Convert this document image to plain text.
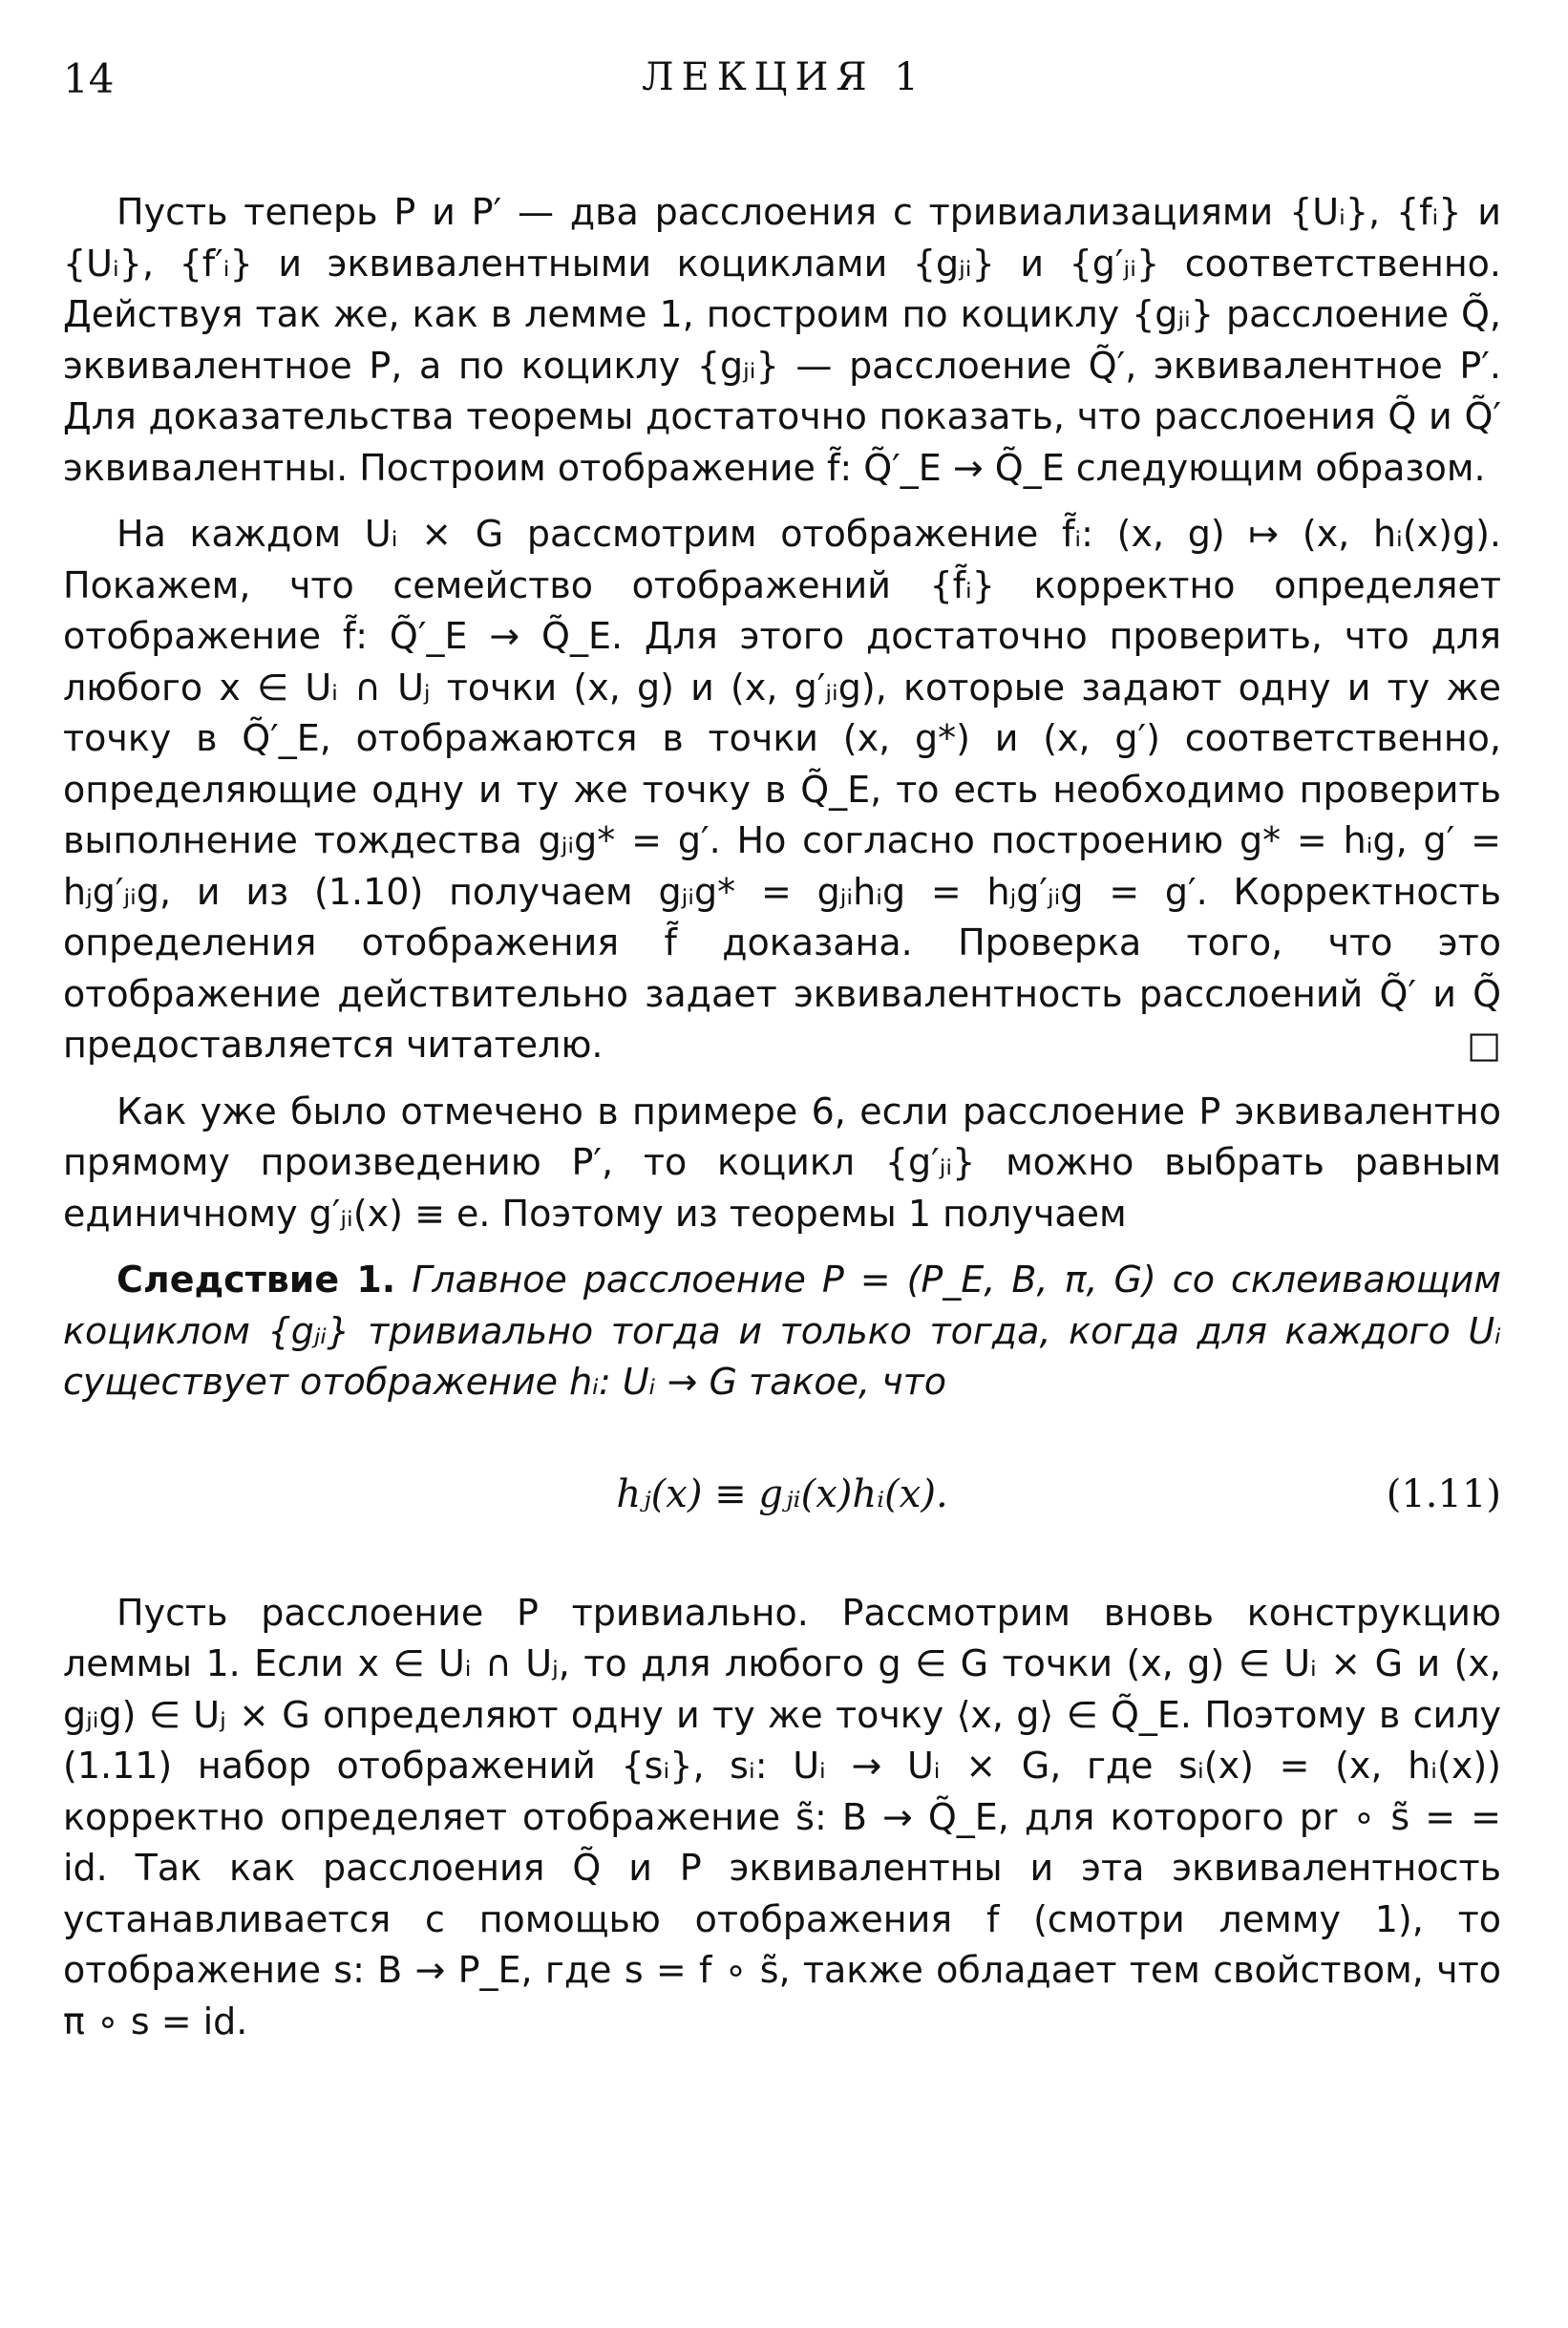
14	ЛЕКЦИЯ 1

Пусть теперь P и P′ — два расслоения с тривиализациями {Uᵢ}, {fᵢ} и {Uᵢ}, {f′ᵢ} и эквивалентными коциклами {gⱼᵢ} и {g′ⱼᵢ} соответственно. Действуя так же, как в лемме 1, построим по коциклу {gⱼᵢ} расслоение Q̃, эквивалентное P, а по коциклу {gⱼᵢ} — расслоение Q̃′, эквивалентное P′. Для доказательства теоремы достаточно показать, что расслоения Q̃ и Q̃′ эквивалентны. Построим отображение f̃: Q̃′_E → Q̃_E следующим образом.

На каждом Uᵢ × G рассмотрим отображение f̃ᵢ: (x, g) ↦ (x, hᵢ(x)g). Покажем, что семейство отображений {f̃ᵢ} корректно определяет отображение f̃: Q̃′_E → Q̃_E. Для этого достаточно проверить, что для любого x ∈ Uᵢ ∩ Uⱼ точки (x, g) и (x, g′ⱼᵢg), которые задают одну и ту же точку в Q̃′_E, отображаются в точки (x, g*) и (x, g′) соответственно, определяющие одну и ту же точку в Q̃_E, то есть необходимо проверить выполнение тождества gⱼᵢg* = g′. Но согласно построению g* = hᵢg, g′ = hⱼg′ⱼᵢg, и из (1.10) получаем gⱼᵢg* = gⱼᵢhᵢg = hⱼg′ⱼᵢg = g′. Корректность определения отображения f̃ доказана. Проверка того, что это отображение действительно задает эквивалентность расслоений Q̃′ и Q̃ предоставляется читателю.	□

Как уже было отмечено в примере 6, если расслоение P эквивалентно прямому произведению P′, то коцикл {g′ⱼᵢ} можно выбрать равным единичному g′ⱼᵢ(x) ≡ e. Поэтому из теоремы 1 получаем

Следствие 1. Главное расслоение P = (P_E, B, π, G) со склеивающим коциклом {gⱼᵢ} тривиально тогда и только тогда, когда для каждого Uᵢ существует отображение hᵢ: Uᵢ → G такое, что

hⱼ(x) ≡ gⱼᵢ(x)hᵢ(x).	(1.11)

Пусть расслоение P тривиально. Рассмотрим вновь конструкцию леммы 1. Если x ∈ Uᵢ ∩ Uⱼ, то для любого g ∈ G точки (x, g) ∈ Uᵢ × G и (x, gⱼᵢg) ∈ Uⱼ × G определяют одну и ту же точку ⟨x, g⟩ ∈ Q̃_E. Поэтому в силу (1.11) набор отображений {sᵢ}, sᵢ: Uᵢ → Uᵢ × G, где sᵢ(x) = (x, hᵢ(x)) корректно определяет отображение s̃: B → Q̃_E, для которого pr ∘ s̃ = = id. Так как расслоения Q̃ и P эквивалентны и эта эквивалентность устанавливается с помощью отображения f (смотри лемму 1), то отображение s: B → P_E, где s = f ∘ s̃, также обладает тем свойством, что π ∘ s = id.
